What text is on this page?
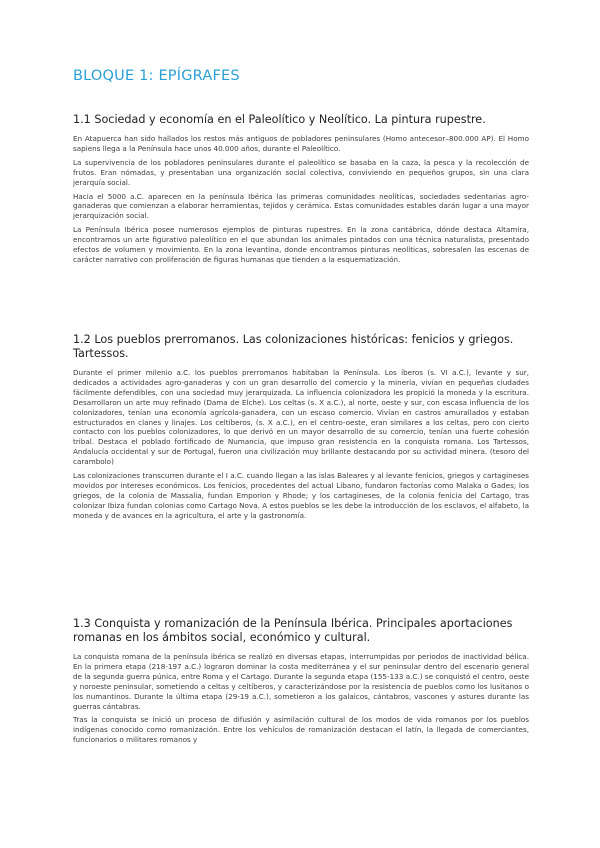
BLOQUE 1: EPÍGRAFES
1.1 Sociedad y economía en el Paleolítico y Neolítico. La pintura rupestre.

En Atapuerca han sido hallados los restos más antiguos de pobladores peninsulares (Homo antecesor–800.000 AP). El Homo sapiens llega a la Península hace unos 40.000 años, durante el Paleolítico.

La supervivencia de los pobladores peninsulares durante el paleolítico se basaba en la caza, la pesca y la recolección de frutos. Eran nómadas, y presentaban una organización social colectiva, conviviendo en pequeños grupos, sin una clara jerarquía social.

Hacia el 5000 a.C. aparecen en la península Ibérica las primeras comunidades neolíticas, sociedades sedentarias agro-ganaderas que comienzan a elaborar herramientas, tejidos y cerámica. Estas comunidades estables darán lugar a una mayor jerarquización social.

La Península Ibérica posee numerosos ejemplos de pinturas rupestres. En la zona cantábrica, dónde destaca Altamira, encontramos un arte figurativo paleolítico en el que abundan los animales pintados con una técnica naturalista, presentado efectos de volumen y movimiento. En la zona levantina, donde encontramos pinturas neolíticas, sobresalen las escenas de carácter narrativo con proliferación de figuras humanas que tienden a la esquematización.

1.2 Los pueblos prerromanos. Las colonizaciones históricas: fenicios y griegos. Tartessos.

Durante el primer milenio a.C. los pueblos prerromanos habitaban la Península. Los íberos (s. VI a.C.), levante y sur, dedicados a actividades agro-ganaderas y con un gran desarrollo del comercio y la minería, vivían en pequeñas ciudades fácilmente defendibles, con una sociedad muy jerarquizada. La influencia colonizadora les propició la moneda y la escritura. Desarrollaron un arte muy refinado (Dama de Elche). Los celtas (s. X a.C.), al norte, oeste y sur, con escasa influencia de los colonizadores, tenían una economía agrícola-ganadera, con un escaso comercio. Vivían en castros amurallados y estaban estructurados en clanes y linajes. Los celtíberos, (s. X a.C.), en el centro-oeste, eran similares a los celtas, pero con cierto contacto con los pueblos colonizadores, lo que derivó en un mayor desarrollo de su comercio, tenían una fuerte cohesión tribal. Destaca el poblado fortificado de Numancia, que impuso gran resistencia en la conquista romana. Los Tartessos, Andalucía occidental y sur de Portugal, fueron una civilización muy brillante destacando por su actividad minera. (tesoro del carambolo)

Las colonizaciones transcurren durante el I a.C. cuando llegan a las islas Baleares y al levante fenicios, griegos y cartagineses movidos por intereses económicos. Los fenicios, procedentes del actual Líbano, fundaron factorías como Malaka o Gades; los griegos, de la colonia de Massalia, fundan Emporion y Rhode; y los cartagineses, de la colonia fenicia del Cartago, tras colonizar Ibiza fundan colonias como Cartago Nova. A estos pueblos se les debe la introducción de los esclavos, el alfabeto, la moneda y de avances en la agricultura, el arte y la gastronomía.

1.3 Conquista y romanización de la Península Ibérica. Principales aportaciones romanas en los ámbitos social, económico y cultural.

La conquista romana de la península ibérica se realizó en diversas etapas, interrumpidas por periodos de inactividad bélica. En la primera etapa (218-197 a.C.) lograron dominar la costa mediterránea y el sur peninsular dentro del escenario general de la segunda guerra púnica, entre Roma y el Cartago. Durante la segunda etapa (155-133 a.C.) se conquistó el centro, oeste y noroeste peninsular, sometiendo a celtas y celtíberos, y caracterizándose por la resistencia de pueblos como los lusitanos o los numantinos. Durante la última etapa (29-19 a.C.), sometieron a los galaicos, cántabros, vascones y astures durante las guerras cántabras.

Tras la conquista se inició un proceso de difusión y asimilación cultural de los modos de vida romanos por los pueblos indígenas conocido como romanización. Entre los vehículos de romanización destacan el latín, la llegada de comerciantes, funcionarios o militares romanos y
